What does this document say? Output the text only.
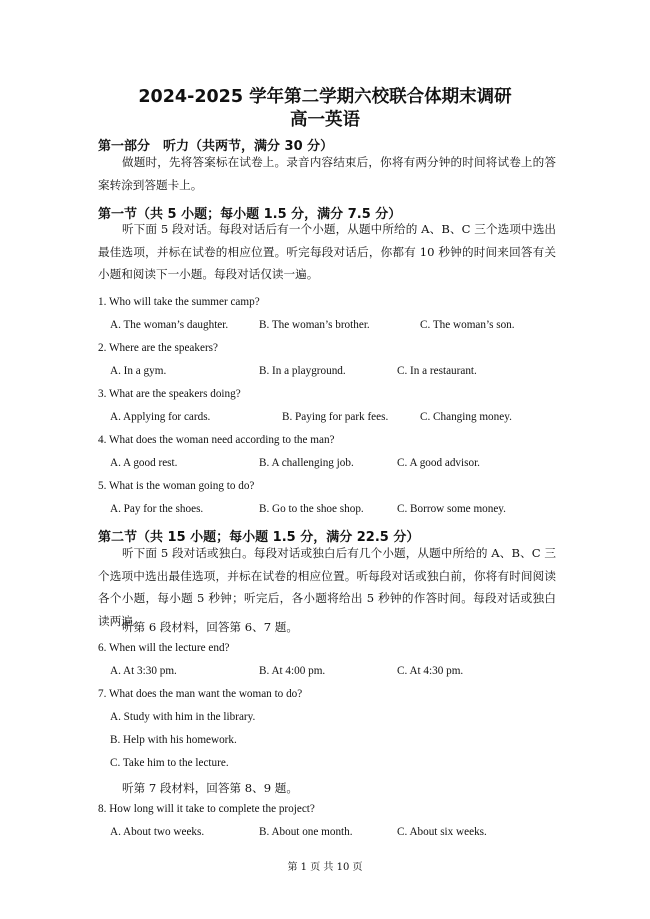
2024-2025 学年第二学期六校联合体期末调研
高一英语
第一部分　听力（共两节，满分 30 分）
做题时，先将答案标在试卷上。录音内容结束后，你将有两分钟的时间将试卷上的答案转涂到答题卡上。
第一节（共 5 小题；每小题 1.5 分，满分 7.5 分）
听下面 5 段对话。每段对话后有一个小题，从题中所给的 A、B、C 三个选项中选出最佳选项，并标在试卷的相应位置。听完每段对话后，你都有 10 秒钟的时间来回答有关小题和阅读下一小题。每段对话仅读一遍。
1. Who will take the summer camp?
A. The woman’s daughter.	B. The woman’s brother.	C. The woman’s son.
2. Where are the speakers?
A. In a gym.	B. In a playground.	C. In a restaurant.
3. What are the speakers doing?
A. Applying for cards.	B. Paying for park fees.	C. Changing money.
4. What does the woman need according to the man?
A. A good rest.	B. A challenging job.	C. A good advisor.
5. What is the woman going to do?
A. Pay for the shoes.	B. Go to the shoe shop.	C. Borrow some money.
第二节（共 15 小题；每小题 1.5 分，满分 22.5 分）
听下面 5 段对话或独白。每段对话或独白后有几个小题，从题中所给的 A、B、C 三个选项中选出最佳选项，并标在试卷的相应位置。听每段对话或独白前，你将有时间阅读各个小题，每小题 5 秒钟；听完后，各小题将给出 5 秒钟的作答时间。每段对话或独白读两遍。
听第 6 段材料，回答第 6、7 题。
6. When will the lecture end?
A. At 3:30 pm.	B. At 4:00 pm.	C. At 4:30 pm.
7. What does the man want the woman to do?
A. Study with him in the library.
B. Help with his homework.
C. Take him to the lecture.
听第 7 段材料，回答第 8、9 题。
8. How long will it take to complete the project?
A. About two weeks.	B. About one month.	C. About six weeks.
第 1 页 共 10 页
